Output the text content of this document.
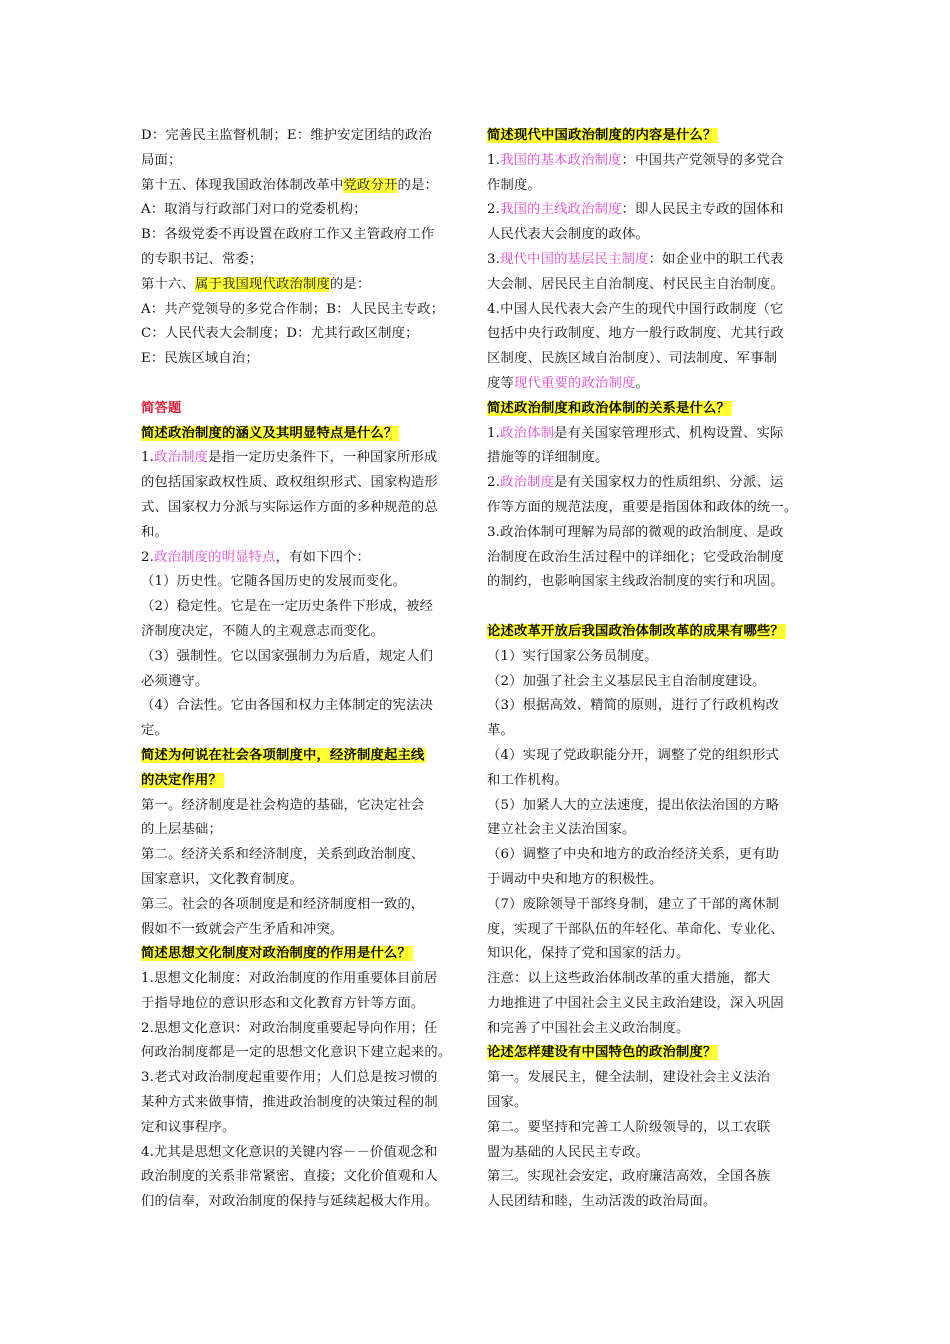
D：完善民主监督机制；E：维护安定团结的政治
局面；
第十五、体现我国政治体制改革中党政分开的是：
A：取消与行政部门对口的党委机构；
B：各级党委不再设置在政府工作又主管政府工作
的专职书记、常委；
第十六、属于我国现代政治制度的是：
A：共产党领导的多党合作制；B：人民民主专政；
C：人民代表大会制度；D：尤其行政区制度；
E：民族区域自治；
简答题
简述政治制度的涵义及其明显特点是什么？
1.政治制度是指一定历史条件下，一种国家所形成
的包括国家政权性质、政权组织形式、国家构造形
式、国家权力分派与实际运作方面的多种规范的总
和。
2.政治制度的明显特点，有如下四个：
（1）历史性。它随各国历史的发展而变化。
（2）稳定性。它是在一定历史条件下形成，被经
济制度决定，不随人的主观意志而变化。
（3）强制性。它以国家强制力为后盾，规定人们
必须遵守。
（4）合法性。它由各国和权力主体制定的宪法决
定。
简述为何说在社会各项制度中，经济制度起主线
的决定作用？
第一。经济制度是社会构造的基础，它决定社会
的上层基础；
第二。经济关系和经济制度，关系到政治制度、
国家意识，文化教育制度。
第三。社会的各项制度是和经济制度相一致的，
假如不一致就会产生矛盾和冲突。
简述思想文化制度对政治制度的作用是什么？
1.思想文化制度：对政治制度的作用重要体目前居
于指导地位的意识形态和文化教育方针等方面。
2.思想文化意识：对政治制度重要起导向作用；任
何政治制度都是一定的思想文化意识下建立起来的。
3.老式对政治制度起重要作用；人们总是按习惯的
某种方式来做事情，推进政治制度的决策过程的制
定和议事程序。
4.尤其是思想文化意识的关键内容－－价值观念和
政治制度的关系非常紧密、直接；文化价值观和人
们的信奉，对政治制度的保持与延续起极大作用。
简述现代中国政治制度的内容是什么？
1.我国的基本政治制度：中国共产党领导的多党合
作制度。
2.我国的主线政治制度：即人民民主专政的国体和
人民代表大会制度的政体。
3.现代中国的基层民主制度：如企业中的职工代表
大会制、居民民主自治制度、村民民主自治制度。
4.中国人民代表大会产生的现代中国行政制度（它
包括中央行政制度、地方一般行政制度、尤其行政
区制度、民族区域自治制度）、司法制度、军事制
度等现代重要的政治制度。
简述政治制度和政治体制的关系是什么？
1.政治体制是有关国家管理形式、机构设置、实际
措施等的详细制度。
2.政治制度是有关国家权力的性质组织、分派、运
作等方面的规范法度，重要是指国体和政体的统一。
3.政治体制可理解为局部的微观的政治制度、是政
治制度在政治生活过程中的详细化；它受政治制度
的制约，也影响国家主线政治制度的实行和巩固。
论述改革开放后我国政治体制改革的成果有哪些？
（1）实行国家公务员制度。
（2）加强了社会主义基层民主自治制度建设。
（3）根据高效、精简的原则，进行了行政机构改
革。
（4）实现了党政职能分开，调整了党的组织形式
和工作机构。
（5）加紧人大的立法速度，提出依法治国的方略
建立社会主义法治国家。
（6）调整了中央和地方的政治经济关系，更有助
于调动中央和地方的积极性。
（7）废除领导干部终身制，建立了干部的离休制
度，实现了干部队伍的年轻化、革命化、专业化、
知识化，保持了党和国家的活力。
注意：以上这些政治体制改革的重大措施，都大
力地推进了中国社会主义民主政治建设，深入巩固
和完善了中国社会主义政治制度。
论述怎样建设有中国特色的政治制度？
第一。发展民主，健全法制，建设社会主义法治
国家。
第二。要坚持和完善工人阶级领导的，以工农联
盟为基础的人民民主专政。
第三。实现社会安定，政府廉洁高效，全国各族
人民团结和睦，生动活泼的政治局面。
